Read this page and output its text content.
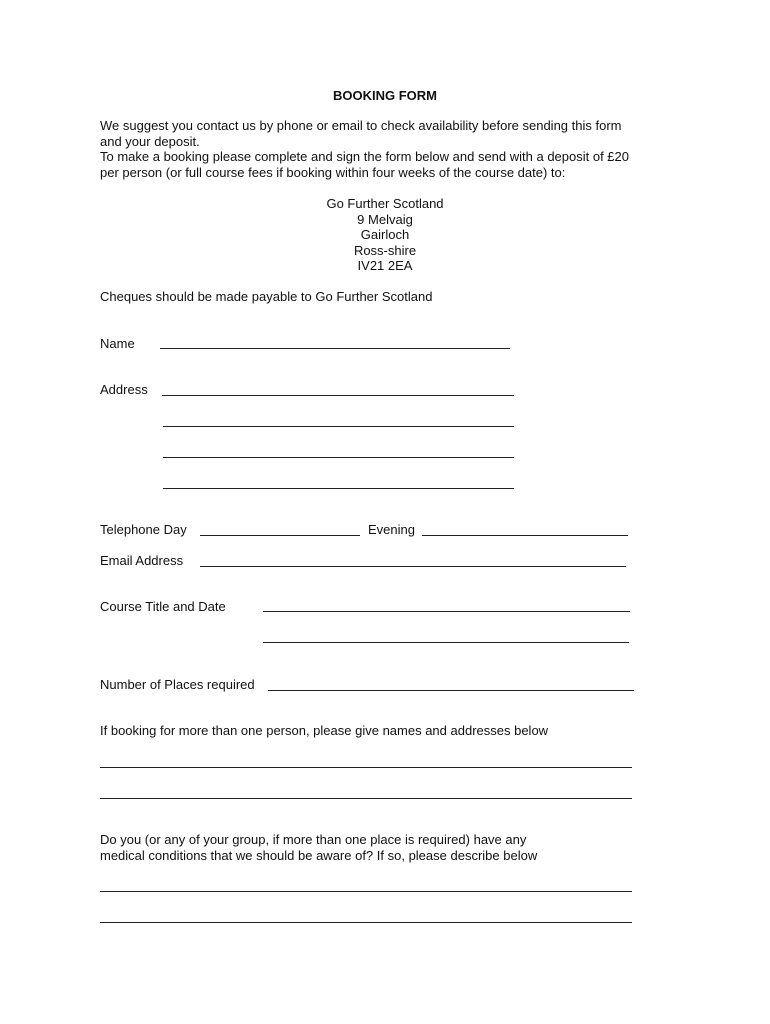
BOOKING FORM
We suggest you contact us by phone or email to check availability before sending this form
and your deposit.
To make a booking please complete and sign the form below and send with a deposit of £20
per person (or full course fees if booking within four weeks of the course date) to:
Go Further Scotland
9 Melvaig
Gairloch
Ross-shire
IV21 2EA
Cheques should be made payable to Go Further Scotland
Name
Address
Telephone Day	Evening
Email Address
Course Title and Date
Number of Places required
If booking for more than one person, please give names and addresses below
Do you (or any of your group, if more than one place is required) have any
medical conditions that we should be aware of? If so, please describe below
